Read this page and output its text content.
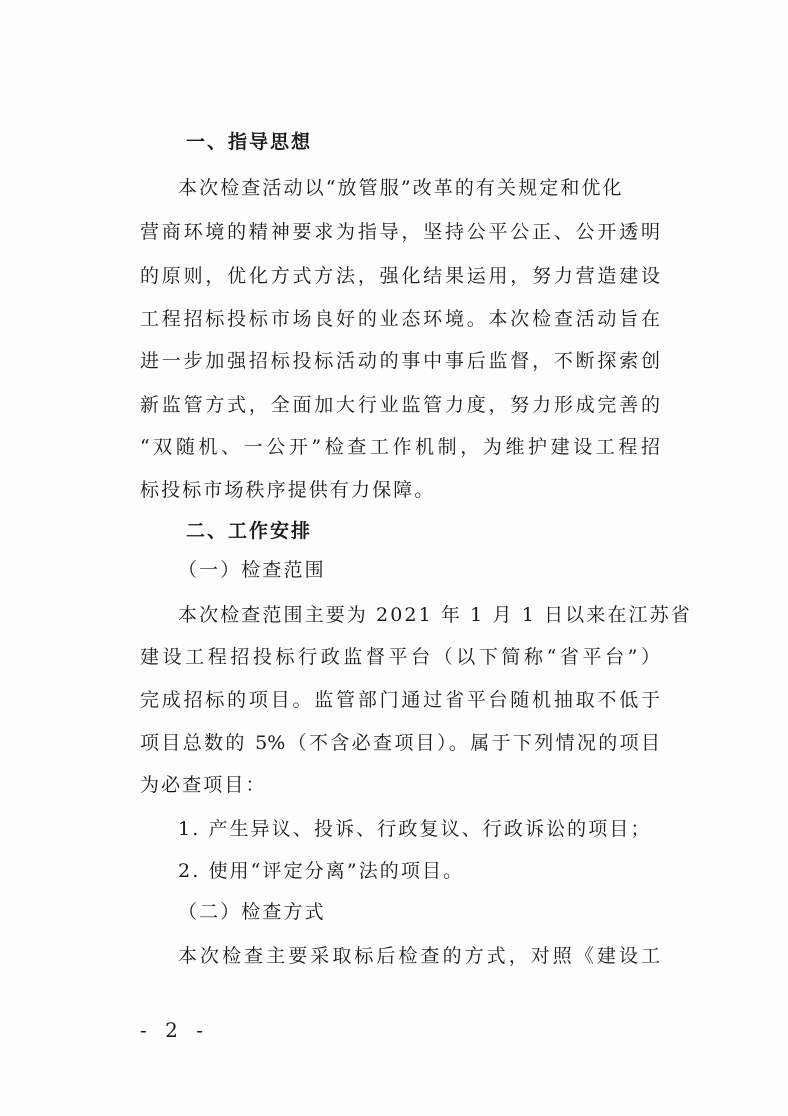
一、指导思想
本次检查活动以“放管服”改革的有关规定和优化
营商环境的精神要求为指导，坚持公平公正、公开透明
的原则，优化方式方法，强化结果运用，努力营造建设
工程招标投标市场良好的业态环境。本次检查活动旨在
进一步加强招标投标活动的事中事后监督，不断探索创
新监管方式，全面加大行业监管力度，努力形成完善的
“双随机、一公开”检查工作机制，为维护建设工程招
标投标市场秩序提供有力保障。
二、工作安排
（一）检查范围
本次检查范围主要为 2021 年 1 月 1 日以来在江苏省
建设工程招投标行政监督平台（以下简称“省平台”）
完成招标的项目。监管部门通过省平台随机抽取不低于
项目总数的 5%（不含必查项目）。属于下列情况的项目
为必查项目：
1. 产生异议、投诉、行政复议、行政诉讼的项目；
2. 使用“评定分离”法的项目。
（二）检查方式
本次检查主要采取标后检查的方式，对照《建设工
- 2 -
